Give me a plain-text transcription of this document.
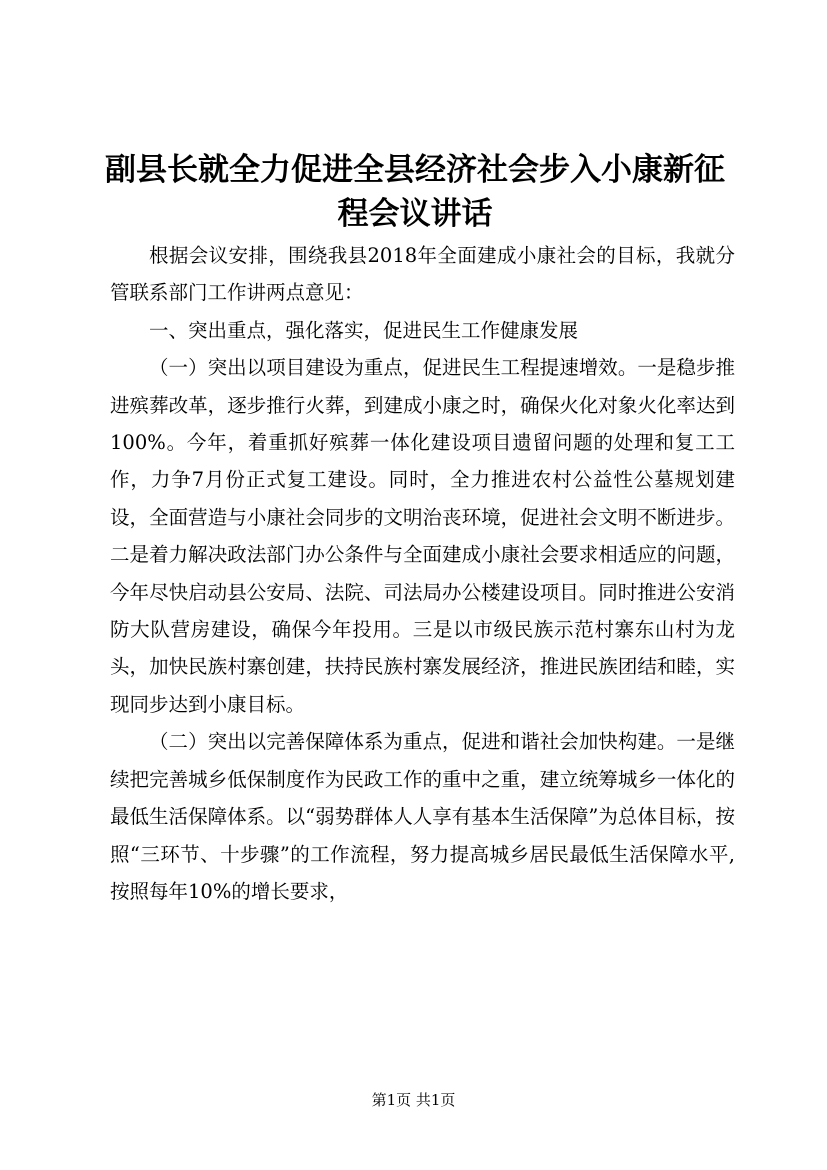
副县长就全力促进全县经济社会步入小康新征程会议讲话

根据会议安排，围绕我县2018年全面建成小康社会的目标，我就分管联系部门工作讲两点意见：

一、突出重点，强化落实，促进民生工作健康发展

（一）突出以项目建设为重点，促进民生工程提速增效。一是稳步推进殡葬改革，逐步推行火葬，到建成小康之时，确保火化对象火化率达到100%。今年，着重抓好殡葬一体化建设项目遗留问题的处理和复工工作，力争7月份正式复工建设。同时，全力推进农村公益性公墓规划建设，全面营造与小康社会同步的文明治丧环境，促进社会文明不断进步。二是着力解决政法部门办公条件与全面建成小康社会要求相适应的问题，今年尽快启动县公安局、法院、司法局办公楼建设项目。同时推进公安消防大队营房建设，确保今年投用。三是以市级民族示范村寨东山村为龙头，加快民族村寨创建，扶持民族村寨发展经济，推进民族团结和睦，实现同步达到小康目标。

（二）突出以完善保障体系为重点，促进和谐社会加快构建。一是继续把完善城乡低保制度作为民政工作的重中之重，建立统筹城乡一体化的最低生活保障体系。以“弱势群体人人享有基本生活保障”为总体目标，按照“三环节、十步骤”的工作流程，努力提高城乡居民最低生活保障水平,按照每年10%的增长要求，

第1页 共1页
